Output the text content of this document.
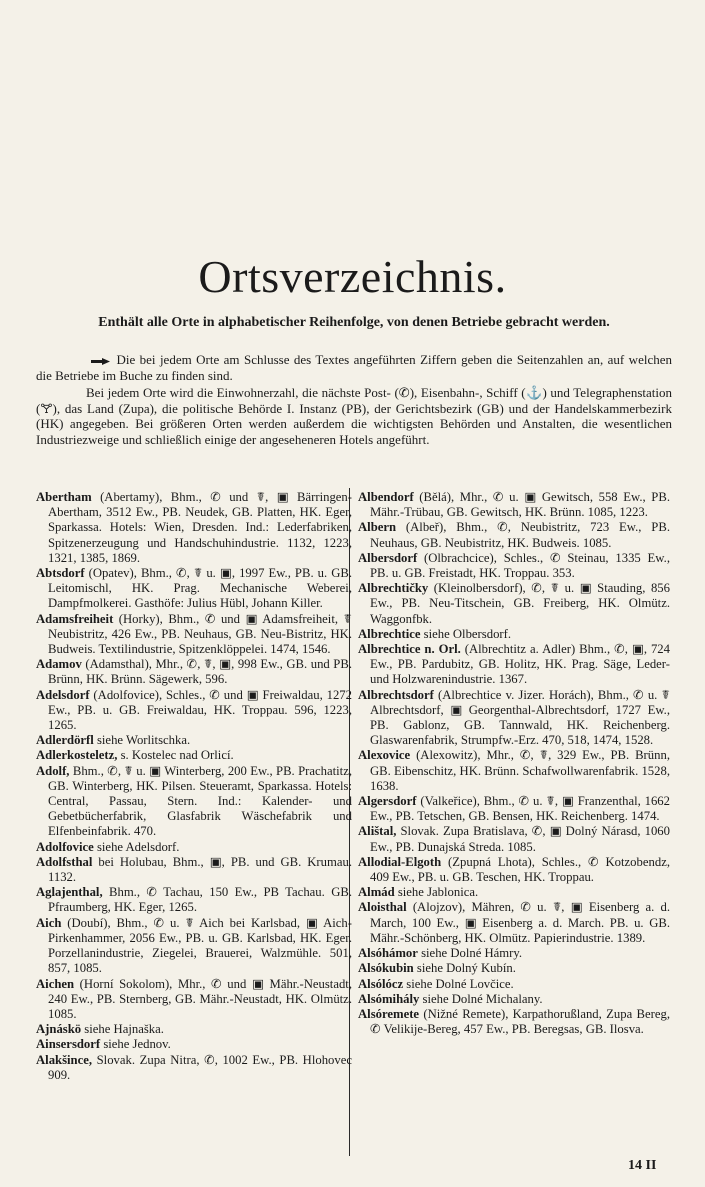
Ortsverzeichnis.
Enthält alle Orte in alphabetischer Reihenfolge, von denen Betriebe gebracht werden.

Die bei jedem Orte am Schlusse des Textes angeführten Ziffern geben die Seitenzahlen an, auf welchen die Betriebe im Buche zu finden sind.

Bei jedem Orte wird die Einwohnerzahl, die nächste Post- (✆), Eisenbahn-, Schiff (⚓) und Telegraphenstation (🝖), das Land (Zupa), die politische Behörde I. Instanz (PB), der Gerichtsbezirk (GB) und der Handelskammerbezirk (HK) angegeben. Bei größeren Orten werden außerdem die wichtigsten Behörden und Anstalten, die wesentlichen Industriezweige und schließlich einige der angeseheneren Hotels angeführt.

Abertham (Abertamy), Bhm., ✆ und ☤, ▣ Bärringen-Abertham, 3512 Ew., PB. Neudek, GB. Platten, HK. Eger, Sparkassa. Hotels: Wien, Dresden. Ind.: Lederfabriken, Spitzenerzeugung und Handschuhindustrie. 1132, 1223, 1321, 1385, 1869.

Abtsdorf (Opatev), Bhm., ✆, ☤ u. ▣, 1997 Ew., PB. u. GB. Leitomischl, HK. Prag. Mechanische Weberei, Dampfmolkerei. Gasthöfe: Julius Hübl, Johann Killer.

Adamsfreiheit (Horky), Bhm., ✆ und ▣ Adamsfreiheit, ☤ Neubistritz, 426 Ew., PB. Neuhaus, GB. Neu-Bistritz, HK. Budweis. Textilindustrie, Spitzenklöppelei. 1474, 1546.

Adamov (Adamsthal), Mhr., ✆, ☤, ▣, 998 Ew., GB. und PB. Brünn, HK. Brünn. Sägewerk, 596.

Adelsdorf (Adolfovice), Schles., ✆ und ▣ Freiwaldau, 1272 Ew., PB. u. GB. Freiwaldau, HK. Troppau. 596, 1223, 1265.

Adlerdörfl siehe Worlitschka.

Adlerkosteletz, s. Kostelec nad Orlicí.

Adolf, Bhm., ✆, ☤ u. ▣ Winterberg, 200 Ew., PB. Prachatitz, GB. Winterberg, HK. Pilsen. Steueramt, Sparkassa. Hotels: Central, Passau, Stern. Ind.: Kalender- und Gebetbücherfabrik, Glasfabrik Wäschefabrik und Elfenbeinfabrik. 470.

Adolfovice siehe Adelsdorf.

Adolfsthal bei Holubau, Bhm., ▣, PB. und GB. Krumau. 1132.

Aglajenthal, Bhm., ✆ Tachau, 150 Ew., PB Tachau. GB. Pfraumberg, HK. Eger, 1265.

Aich (Doubí), Bhm., ✆ u. ☤ Aich bei Karlsbad, ▣ Aich-Pirkenhammer, 2056 Ew., PB. u. GB. Karlsbad, HK. Eger. Porzellanindustrie, Ziegelei, Brauerei, Walzmühle. 501, 857, 1085.

Aichen (Horní Sokolom), Mhr., ✆ und ▣ Mähr.-Neustadt, 240 Ew., PB. Sternberg, GB. Mähr.-Neustadt, HK. Olmütz. 1085.

Ajnáskö siehe Hajnaška.

Ainsersdorf siehe Jednov.

Alakšince, Slovak. Zupa Nitra, ✆, 1002 Ew., PB. Hlohovec 909.

Albendorf (Bělá), Mhr., ✆ u. ▣ Gewitsch, 558 Ew., PB. Mähr.-Trübau, GB. Gewitsch, HK. Brünn. 1085, 1223.

Albern (Albeř), Bhm., ✆, Neubistritz, 723 Ew., PB. Neuhaus, GB. Neubistritz, HK. Budweis. 1085.

Albersdorf (Olbrachcice), Schles., ✆ Steinau, 1335 Ew., PB. u. GB. Freistadt, HK. Troppau. 353.

Albrechtičky (Kleinolbersdorf), ✆, ☤ u. ▣ Stauding, 856 Ew., PB. Neu-Titschein, GB. Freiberg, HK. Olmütz. Waggonfbk.

Albrechtice siehe Olbersdorf.

Albrechtice n. Orl. (Albrechtitz a. Adler) Bhm., ✆, ▣, 724 Ew., PB. Pardubitz, GB. Holitz, HK. Prag. Säge, Leder- und Holzwarenindustrie. 1367.

Albrechtsdorf (Albrechtice v. Jizer. Horách), Bhm., ✆ u. ☤ Albrechtsdorf, ▣ Georgenthal-Albrechtsdorf, 1727 Ew., PB. Gablonz, GB. Tannwald, HK. Reichenberg. Glaswarenfabrik, Strumpfw.-Erz. 470, 518, 1474, 1528.

Alexovice (Alexowitz), Mhr., ✆, ☤, 329 Ew., PB. Brünn, GB. Eibenschitz, HK. Brünn. Schafwollwarenfabrik. 1528, 1638.

Algersdorf (Valkeřice), Bhm., ✆ u. ☤, ▣ Franzenthal, 1662 Ew., PB. Tetschen, GB. Bensen, HK. Reichenberg. 1474.

Alištal, Slovak. Zupa Bratislava, ✆, ▣ Dolný Nárasd, 1060 Ew., PB. Dunajská Streda. 1085.

Allodial-Elgoth (Zpupná Lhota), Schles., ✆ Kotzobendz, 409 Ew., PB. u. GB. Teschen, HK. Troppau.

Almád siehe Jablonica.

Aloisthal (Alojzov), Mähren, ✆ u. ☤, ▣ Eisenberg a. d. March, 100 Ew., ▣ Eisenberg a. d. March. PB. u. GB. Mähr.-Schönberg, HK. Olmütz. Papierindustrie. 1389.

Alsóhámor siehe Dolné Hámry.

Alsókubin siehe Dolný Kubín.

Alsólócz siehe Dolné Lovčice.

Alsómihály siehe Dolné Michalany.

Alsóremete (Nižné Remete), Karpathorußland, Zupa Bereg, ✆ Velikije-Bereg, 457 Ew., PB. Beregsas, GB. Ilosva.

14 II
